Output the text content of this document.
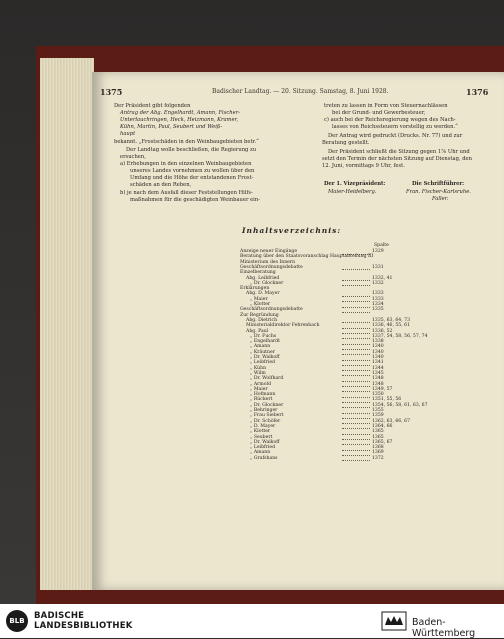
1375	Badischer Landtag. — 20. Sitzung. Samstag, 8. Juni 1928.	1376
Der Präsident gibt folgenden
Antrag der Abg. Engelhardt, Amann, Fischer-
Unterlauchringen, Heck, Heizmann, Kramer,
Kühn, Martin, Paul, Seubert und Weiß-
haupt
bekannt. „Frostschäden in den Weinbaugebieten betr.“
Der Landtag wolle beschließen, die Regierung zu
ersuchen,
a) Erhebungen in den einzelnen Weinbaugebieten
unseres Landes vornehmen zu wollen über den
Umfang und die Höhe der entstandenen Frost-
schäden an den Reben,
b) je nach dem Ausfall dieser Feststellungen Hilfs-
maßnahmen für die geschädigten Weinbauer ein-
treten zu lassen in Form von Steuernachlässen
bei der Grund- und Gewerbesteuer,
c) auch bei der Reichsregierung wegen des Nach-
lasses von Reichssteuern vorstellig zu werden.“
Der Antrag wird gedruckt (Drucks. Nr. 77) und zur
Beratung gestellt.
Der Präsident schließt die Sitzung gegen 1⅞ Uhr und
setzt den Termin der nächsten Sitzung auf Dienstag, den
12. Juni, vormittags 9 Uhr, fest.
Der 1. Vizepräsident:
Maier-Heidelberg.
Die Schriftführer:
Fran. Fischer-Karlsruhe.
Faller.
Inhaltsverzeichnis:
Spalte
Anzeige neuer Eingänge	1329
Beratung über den Staatsvoranschlag Hauptabteilung III
Ministerium des Innern
Geschäftsordnungsdebatte	1331
Einzelberatung
Abg. Leibfried	1332, 41
„ Dr. Glockner	1332
Erklärungen
Abg. D. Mayer	1333
„ Maier	1333
„ Klotter	1334
Geschäftsordnungsdebatte	1335
Zur Begründung
Abg. Dietrich	1335, 63, 64, 73
Ministerialdirektor Fehrenbach	1336, 46, 55, 61
Abg. Paul	1336, 52
„ Dr. Fuchs	1337, 54, 58, 56, 57, 74
„ Engelhardt	1338
„ Amann	1340
„ Kräutner	1340
„ Dr. Walkoff	1340
„ Leibfried	1341
„ Kühn	1344
„ Wilm	1345
„ Dr. Wolfhard	1348
„ Armold	1348
„ Maier	1349, 57
„ Hofmann	1350
„ Rückert	1351, 55, 56
„ Dr. Glockner	1354, 56, 58, 61, 63, 67
„ Behringer	1355
„ Frau Siebert	1359
„ Dr. Schöfer	1362, 63, 66, 67
„ D. Mayer	1364, 66
„ Klotter	1365
„ Seubert	1365
„ Dr. Walkoff	1365, 67
„ Leibfried	1368
„ Amann	1369
„ Grafshans	1372
BLB	BADISCHE
LANDESBIBLIOTHEK	Baden-Württemberg
